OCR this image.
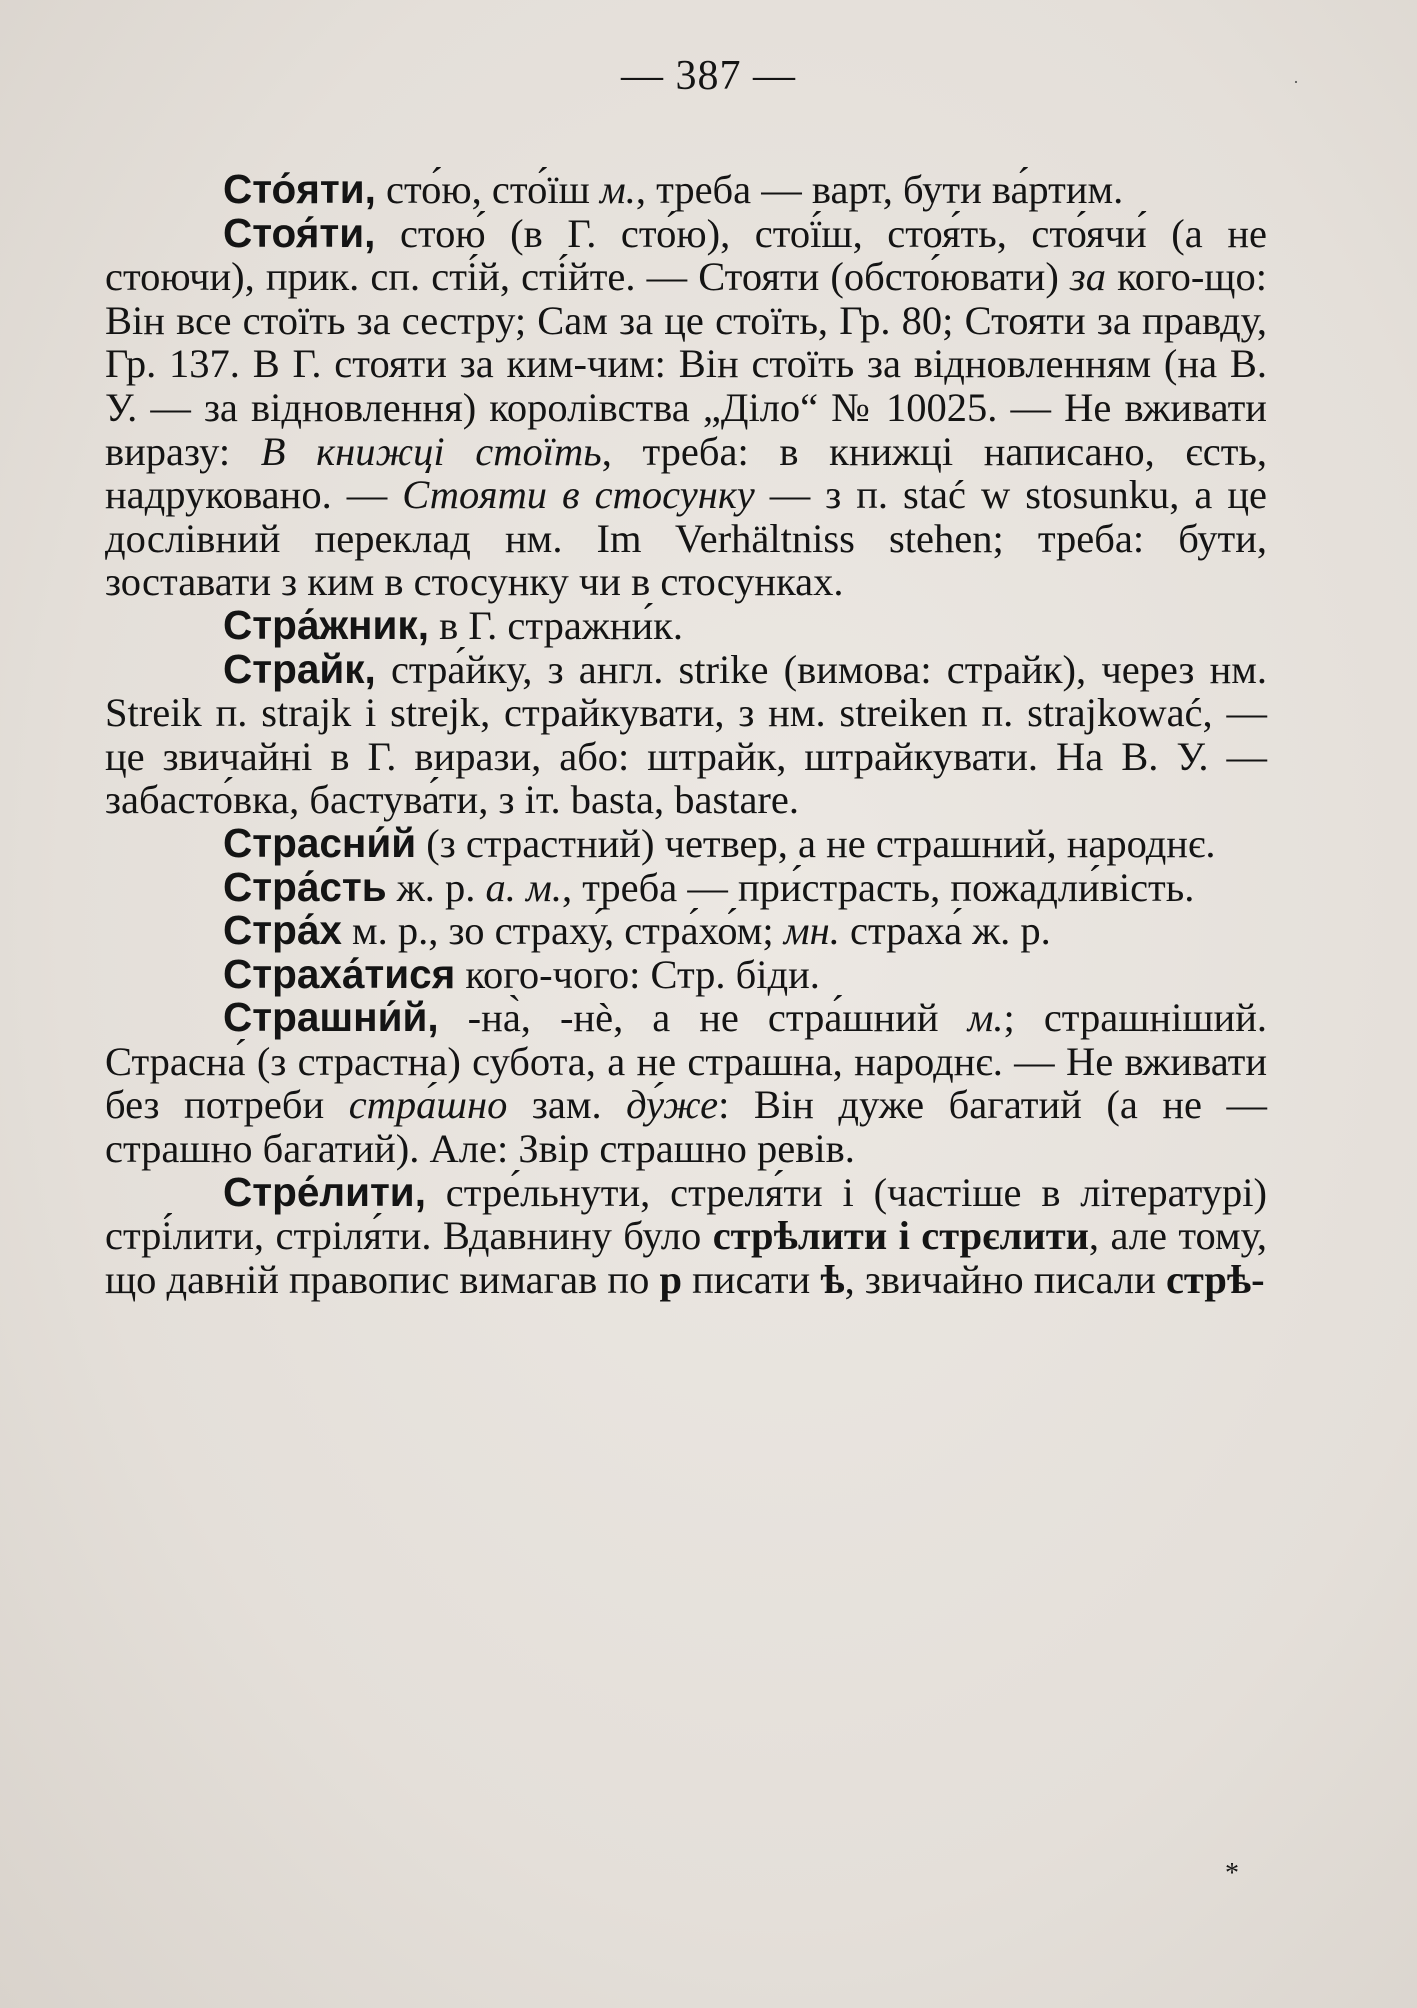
— 387 —	·

Сто́яти, сто́ю, сто́їш м., треба — варт, бути ва́ртим.

Стоя́ти, стою́ (в Г. сто́ю), стої́ш, стоя́ть, сто́ячи́ (а не стоючи), прик. сп. сті́й, сті́йте. — Стояти (обсто́ювати) за кого-що: Він все стоїть за сестру; Сам за це стоїть, Гр. 80; Стояти за правду, Гр. 137. В Г. стояти за ким-чим: Він стоїть за відновленням (на В. У. — за відновлення) королівства „Діло“ № 10025. — Не вживати виразу: В книжці стоїть, треба: в книжці написано, єсть, надруковано. — Стояти в стосунку — з п. stać w stosunku, а це дослівний переклад нм. Im Verhältniss stehen; треба: бути, зоставати з ким в стосунку чи в стосунках.

Стра́жник, в Г. стражни́к.

Страйк, стра́йку, з англ. strike (вимова: страйк), через нм. Streik п. strajk і strejk, страйкувати, з нм. streiken п. strajkować, — це звичайні в Г. вирази, або: штрайк, штрайкувати. На В. У. — забасто́вка, бастува́ти, з іт. basta, bastare.

Страсни́й (з страстний) четвер, а не страшний, народнє.

Стра́сть ж. р. а. м., треба — при́страсть, пожадли́вість.

Стра́х м. р., зо страху́, стра́хо́м; мн. страха́ ж. р.

Страха́тися кого-чого: Стр. біди.

Страшни́й, -на̀, -нѐ, а не стра́шний м.; страшніший. Страсна́ (з страстна) субота, а не страшна, народнє. — Не вживати без потреби стра́шно зам. ду́же: Він дуже багатий (а не — страшно багатий). Але: Звір страшно ревів.

Стре́лити, стре́льнути, стреля́ти і (частіше в літературі) стрі́лити, стріля́ти. Вдавнину було стрѣлити і стрєлити, але тому, що давній правопис вимагав по р писати ѣ, звичайно писали стрѣ-

*
